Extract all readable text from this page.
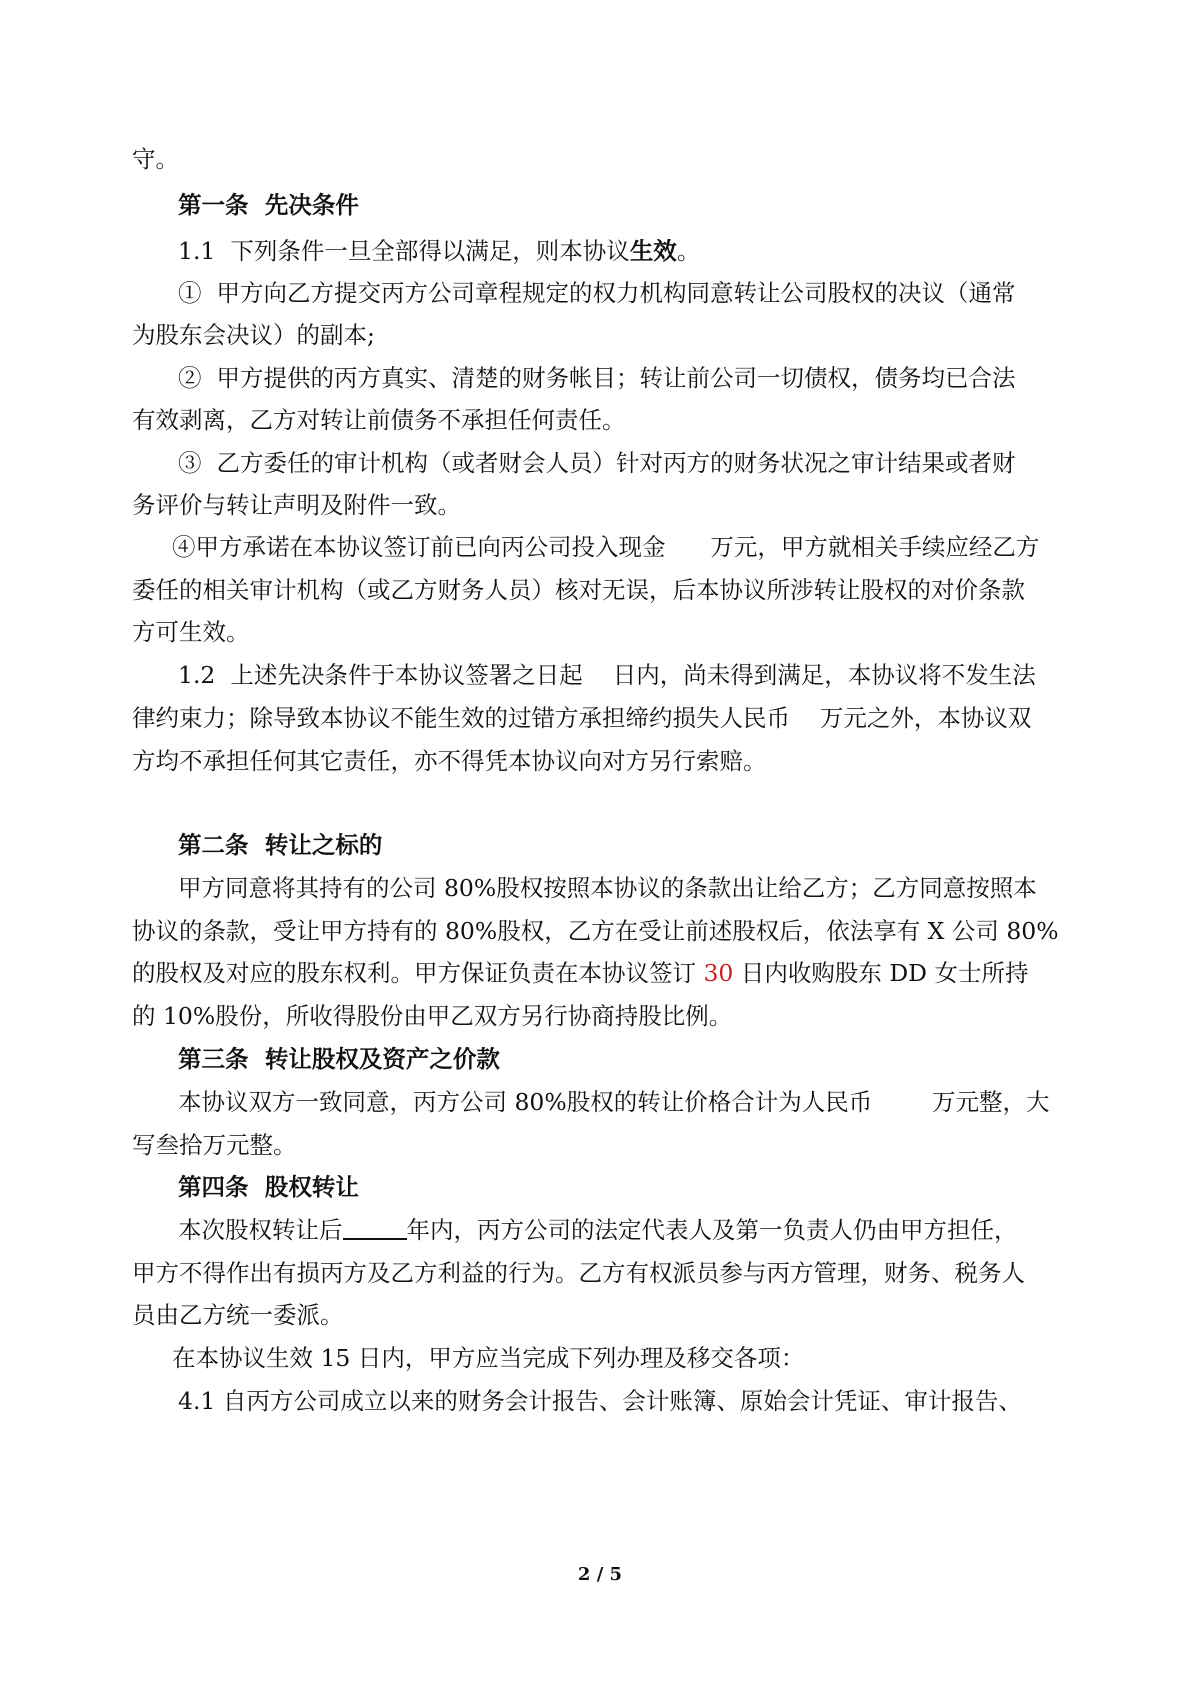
守。

第一条  先决条件

1.1  下列条件一旦全部得以满足，则本协议生效。

①  甲方向乙方提交丙方公司章程规定的权力机构同意转让公司股权的决议（通常

为股东会决议）的副本;

②  甲方提供的丙方真实、清楚的财务帐目；转让前公司一切债权，债务均已合法

有效剥离，乙方对转让前债务不承担任何责任。

③  乙方委任的审计机构（或者财会人员）针对丙方的财务状况之审计结果或者财

务评价与转让声明及附件一致。

④甲方承诺在本协议签订前已向丙公司投入现金      万元，甲方就相关手续应经乙方

委任的相关审计机构（或乙方财务人员）核对无误，后本协议所涉转让股权的对价条款

方可生效。

1.2  上述先决条件于本协议签署之日起    日内，尚未得到满足，本协议将不发生法

律约束力；除导致本协议不能生效的过错方承担缔约损失人民币    万元之外，本协议双

方均不承担任何其它责任，亦不得凭本协议向对方另行索赔。

第二条  转让之标的

甲方同意将其持有的公司 80%股权按照本协议的条款出让给乙方；乙方同意按照本

协议的条款，受让甲方持有的 80%股权，乙方在受让前述股权后，依法享有 X 公司 80%

的股权及对应的股东权利。甲方保证负责在本协议签订 30 日内收购股东 DD 女士所持

的 10%股份，所收得股份由甲乙双方另行协商持股比例。

第三条  转让股权及资产之价款

本协议双方一致同意，丙方公司 80%股权的转让价格合计为人民币        万元整，大

写叁拾万元整。

第四条  股权转让

本次股权转让后	年内，丙方公司的法定代表人及第一负责人仍由甲方担任，

甲方不得作出有损丙方及乙方利益的行为。乙方有权派员参与丙方管理，财务、税务人

员由乙方统一委派。

在本协议生效 15 日内，甲方应当完成下列办理及移交各项：

4.1 自丙方公司成立以来的财务会计报告、会计账簿、原始会计凭证、审计报告、

2 / 5
